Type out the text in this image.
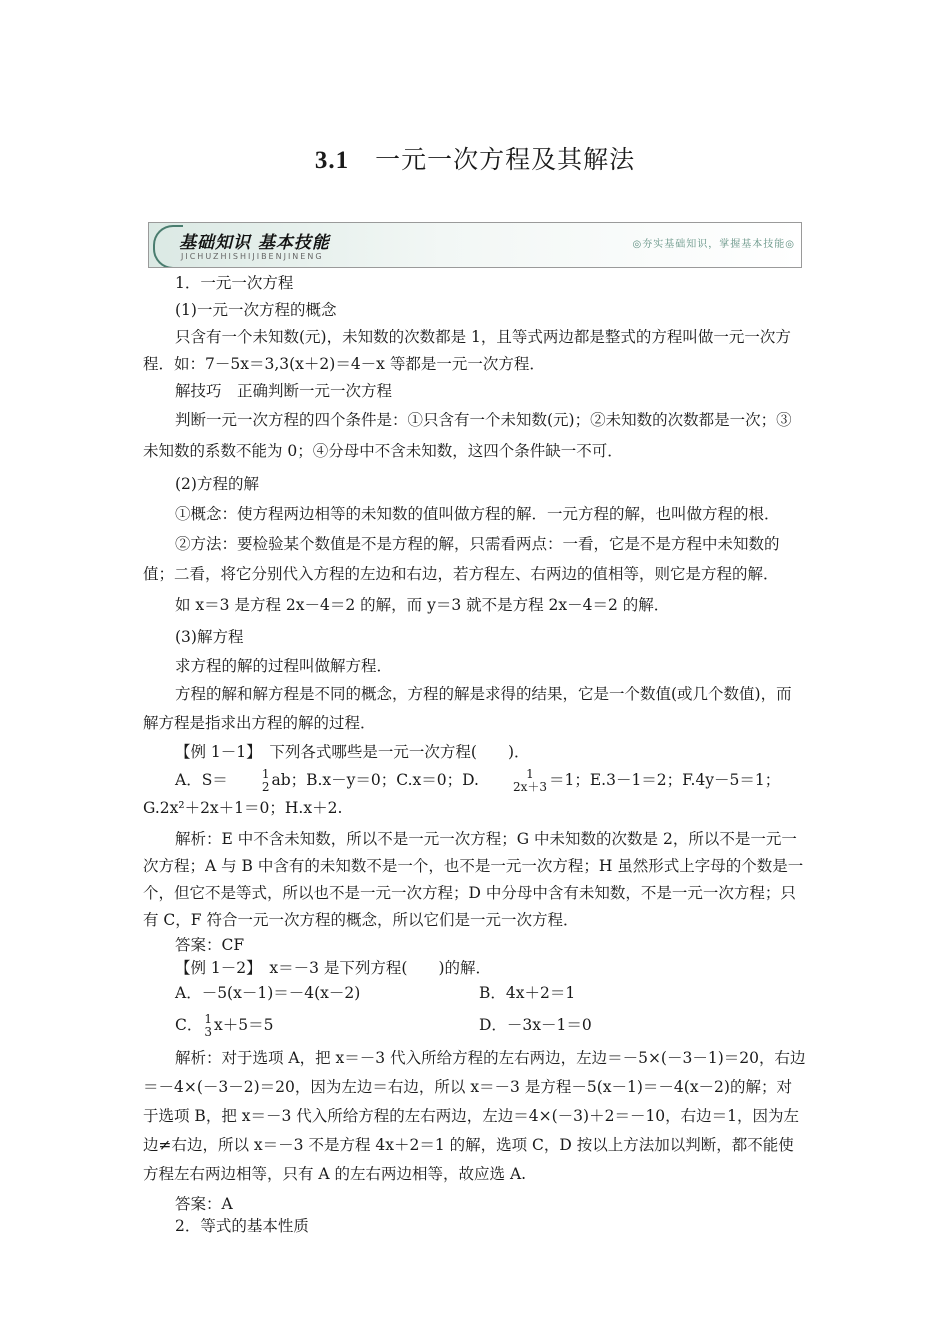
3.1 一元一次方程及其解法
基础知识 基本技能
JICHUZHISHIJIBENJINENG
◎夯实基础知识，掌握基本技能◎

1．一元一次方程

(1)一元一次方程的概念

只含有一个未知数(元)，未知数的次数都是 1，且等式两边都是整式的方程叫做一元一次方程．如：7－5x＝3,3(x＋2)＝4－x 等都是一元一次方程．

解技巧　正确判断一元一次方程

判断一元一次方程的四个条件是：①只含有一个未知数(元)；②未知数的次数都是一次；③未知数的系数不能为 0；④分母中不含未知数，这四个条件缺一不可．

(2)方程的解

①概念：使方程两边相等的未知数的值叫做方程的解．一元方程的解，也叫做方程的根．

②方法：要检验某个数值是不是方程的解，只需看两点：一看，它是不是方程中未知数的值；二看，将它分别代入方程的左边和右边，若方程左、右两边的值相等，则它是方程的解．

如 x＝3 是方程 2x－4＝2 的解，而 y＝3 就不是方程 2x－4＝2 的解．

(3)解方程

求方程的解的过程叫做解方程．

方程的解和解方程是不同的概念，方程的解是求得的结果，它是一个数值(或几个数值)，而解方程是指求出方程的解的过程．

【例 1－1】　下列各式哪些是一元一次方程(　　)．

A．S＝	1
2 ab；B.x－y＝0；C.x＝0；D.	1
2x＋3 ＝1；E.3－1＝2；F.4y－5＝1；G.2x²＋2x＋1＝0；H.x＋2.

解析：E 中不含未知数，所以不是一元一次方程；G 中未知数的次数是 2，所以不是一元一次方程；A 与 B 中含有的未知数不是一个，也不是一元一次方程；H 虽然形式上字母的个数是一个，但它不是等式，所以也不是一元一次方程；D 中分母中含有未知数，不是一元一次方程；只有 C，F 符合一元一次方程的概念，所以它们是一元一次方程．

答案：CF

【例 1－2】　x＝－3 是下列方程(　　)的解．

A．－5(x－1)＝－4(x－2)	B．4x＋2＝1
C． 1
3 x＋5＝5	D．－3x－1＝0

解析：对于选项 A，把 x＝－3 代入所给方程的左右两边，左边＝－5×(－3－1)＝20，右边＝－4×(－3－2)＝20，因为左边＝右边，所以 x＝－3 是方程－5(x－1)＝－4(x－2)的解；对于选项 B，把 x＝－3 代入所给方程的左右两边，左边＝4×(－3)＋2＝－10，右边＝1，因为左边≠右边，所以 x＝－3 不是方程 4x＋2＝1 的解，选项 C，D 按以上方法加以判断，都不能使方程左右两边相等，只有 A 的左右两边相等，故应选 A.

答案：A

2．等式的基本性质
